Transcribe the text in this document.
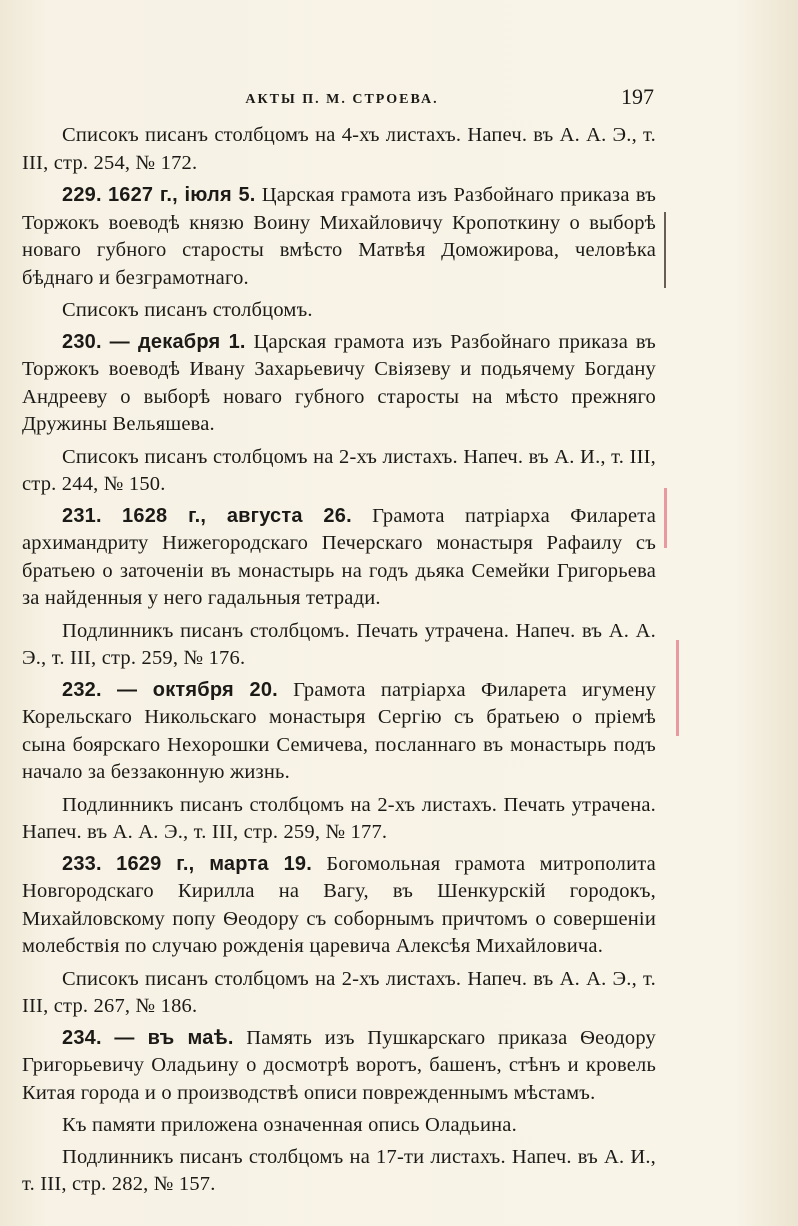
АКТЫ П. М. СТРОЕВА.	197

Списокъ писанъ столбцомъ на 4-хъ листахъ. Напеч. въ А. А. Э., т. III, стр. 254, № 172.

229. 1627 г., іюля 5. Царская грамота изъ Разбойнаго приказа въ Торжокъ воеводѣ князю Воину Михайловичу Кропоткину о выборѣ новаго губного старосты вмѣсто Матвѣя Доможирова, человѣка бѣднаго и безграмотнаго.

Списокъ писанъ столбцомъ.

230. — декабря 1. Царская грамота изъ Разбойнаго приказа въ Торжокъ воеводѣ Ивану Захарьевичу Свіязеву и подьячему Богдану Андрееву о выборѣ новаго губного старосты на мѣсто прежняго Дружины Вельяшева.

Списокъ писанъ столбцомъ на 2-хъ листахъ. Напеч. въ А. И., т. III, стр. 244, № 150.

231. 1628 г., августа 26. Грамота патріарха Филарета архимандриту Нижегородскаго Печерскаго монастыря Рафаилу съ братьею о заточеніи въ монастырь на годъ дьяка Семейки Григорьева за найденныя у него гадальныя тетради.

Подлинникъ писанъ столбцомъ. Печать утрачена. Напеч. въ А. А. Э., т. III, стр. 259, № 176.

232. — октября 20. Грамота патріарха Филарета игумену Корельскаго Никольскаго монастыря Сергію съ братьею о пріемѣ сына боярскаго Нехорошки Семичева, посланнаго въ монастырь подъ начало за беззаконную жизнь.

Подлинникъ писанъ столбцомъ на 2-хъ листахъ. Печать утрачена. Напеч. въ А. А. Э., т. III, стр. 259, № 177.

233. 1629 г., марта 19. Богомольная грамота митрополита Новгородскаго Кирилла на Вагу, въ Шенкурскій городокъ, Михайловскому попу Ѳеодору съ соборнымъ причтомъ о совершеніи молебствія по случаю рожденія царевича Алексѣя Михайловича.

Списокъ писанъ столбцомъ на 2-хъ листахъ. Напеч. въ А. А. Э., т. III, стр. 267, № 186.

234. — въ маѣ. Память изъ Пушкарскаго приказа Ѳеодору Григорьевичу Оладьину о досмотрѣ воротъ, башенъ, стѣнъ и кровель Китая города и о производствѣ описи поврежденнымъ мѣстамъ.

Къ памяти приложена означенная опись Оладьина.

Подлинникъ писанъ столбцомъ на 17-ти листахъ. Напеч. въ А. И., т. III, стр. 282, № 157.
